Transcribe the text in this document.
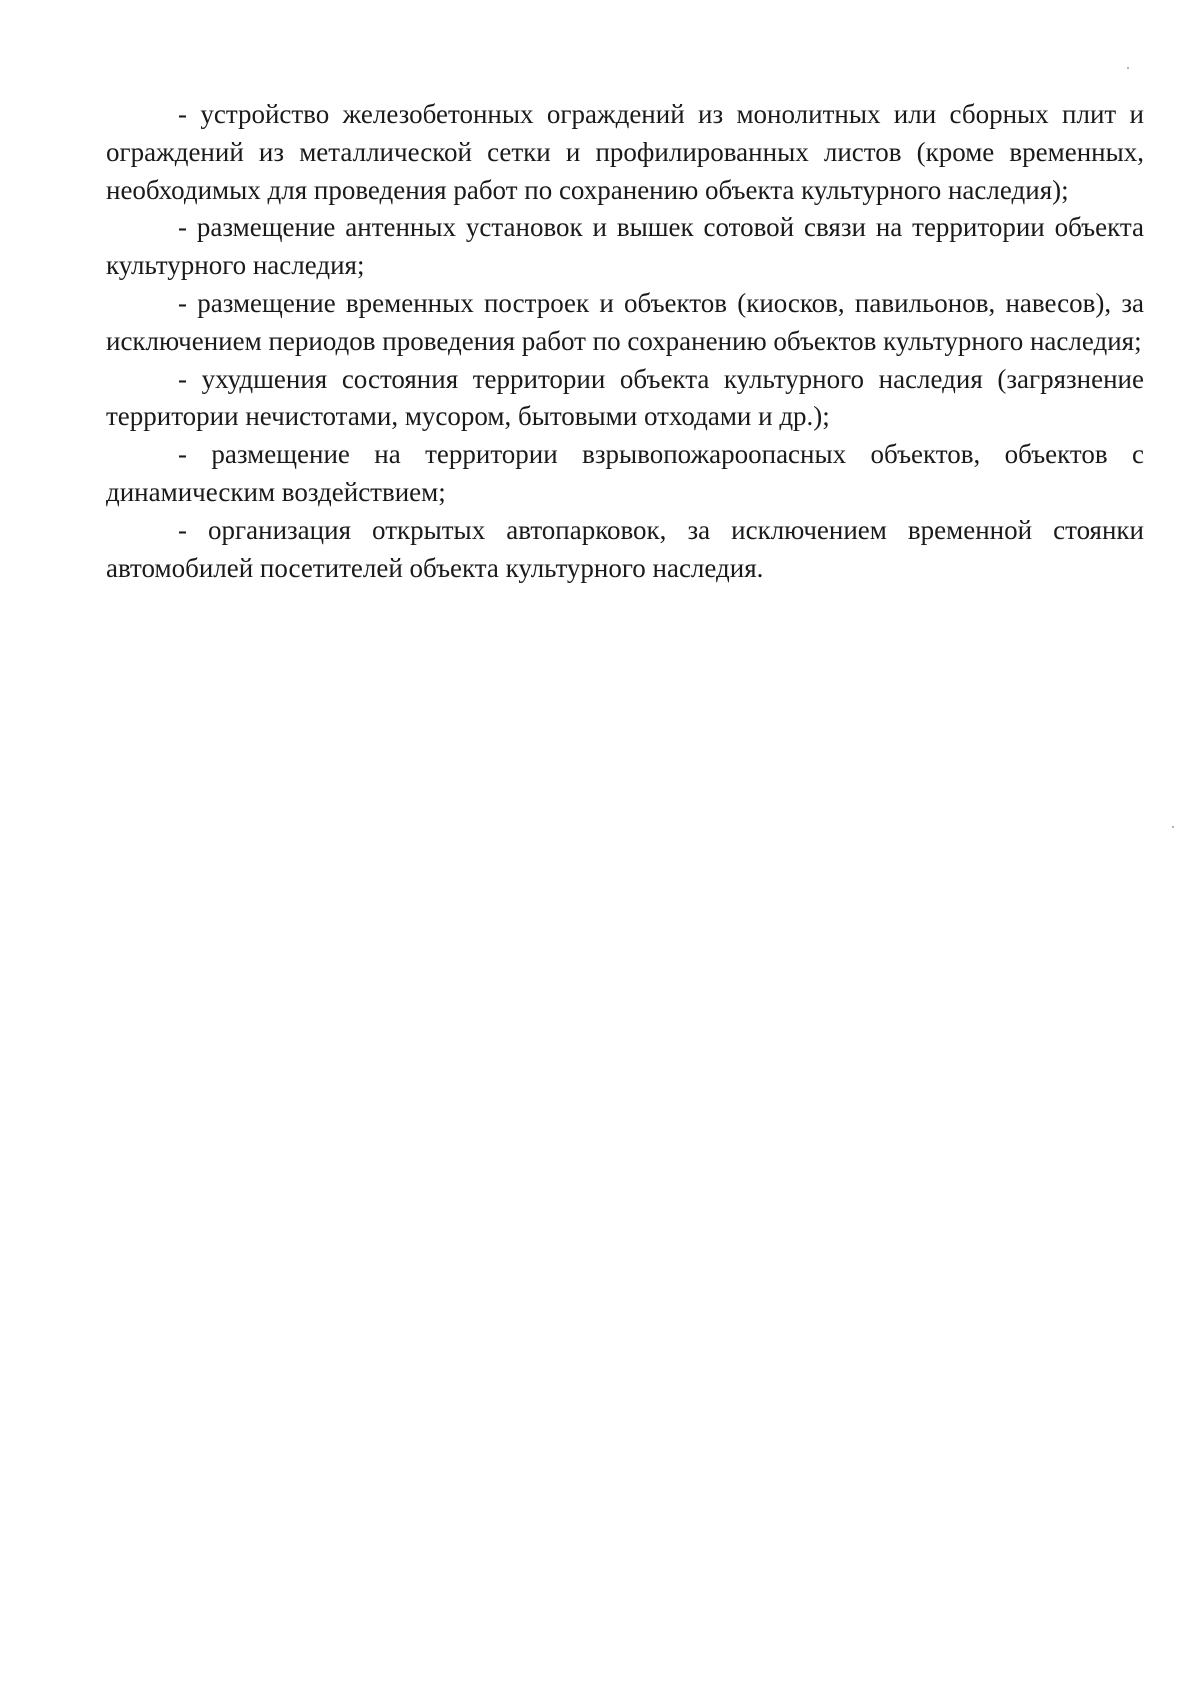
- устройство железобетонных ограждений из монолитных или сборных плит и ограждений из металлической сетки и профилированных листов (кроме временных, необходимых для проведения работ по сохранению объекта культурного наследия);

- размещение антенных установок и вышек сотовой связи на территории объекта культурного наследия;

- размещение временных построек и объектов (киосков, павильонов, навесов), за исключением периодов проведения работ по сохранению объектов культурного наследия;

- ухудшения состояния территории объекта культурного наследия (загрязнение территории нечистотами, мусором, бытовыми отходами и др.);

- размещение на территории взрывопожароопасных объектов, объектов с динамическим воздействием;

- организация открытых автопарковок, за исключением временной стоянки автомобилей посетителей объекта культурного наследия.
